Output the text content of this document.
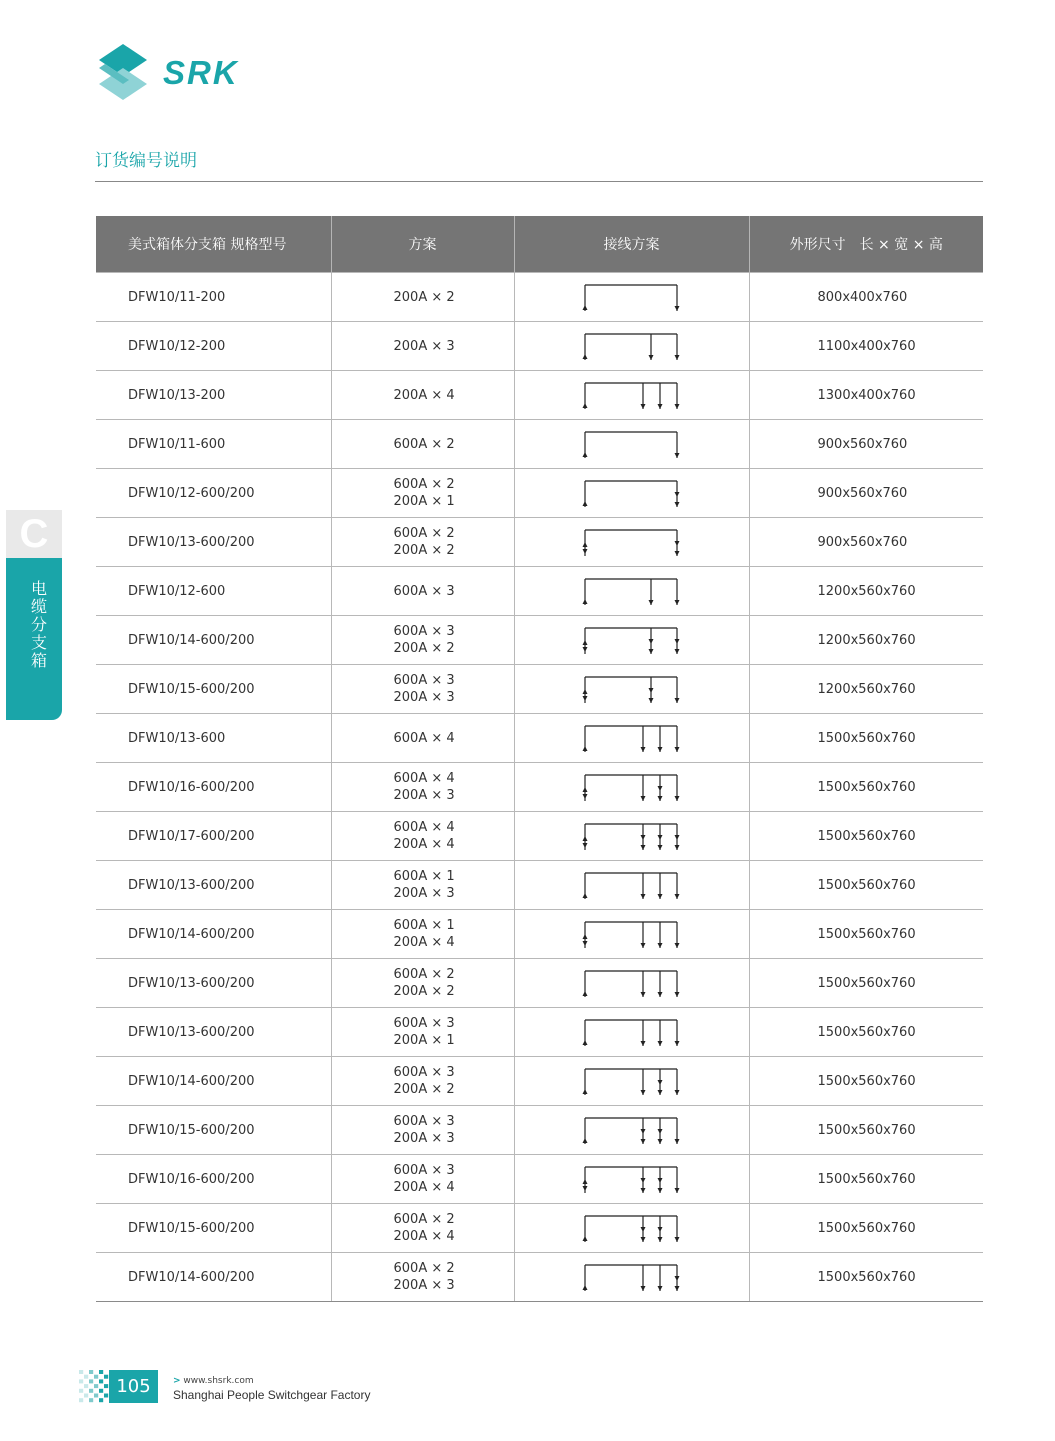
SRK
订货编号说明
C
电缆分支箱
美式箱体分支箱 规格型号	方案	接线方案	外形尺寸　长 × 宽 × 高
DFW10/11-200	200A × 2		800x400x760
DFW10/12-200	200A × 3		1100x400x760
DFW10/13-200	200A × 4		1300x400x760
DFW10/11-600	600A × 2		900x560x760
DFW10/12-600/200	600A × 2
200A × 1		900x560x760
DFW10/13-600/200	600A × 2
200A × 2		900x560x760
DFW10/12-600	600A × 3		1200x560x760
DFW10/14-600/200	600A × 3
200A × 2		1200x560x760
DFW10/15-600/200	600A × 3
200A × 3		1200x560x760
DFW10/13-600	600A × 4		1500x560x760
DFW10/16-600/200	600A × 4
200A × 3		1500x560x760
DFW10/17-600/200	600A × 4
200A × 4		1500x560x760
DFW10/13-600/200	600A × 1
200A × 3		1500x560x760
DFW10/14-600/200	600A × 1
200A × 4		1500x560x760
DFW10/13-600/200	600A × 2
200A × 2		1500x560x760
DFW10/13-600/200	600A × 3
200A × 1		1500x560x760
DFW10/14-600/200	600A × 3
200A × 2		1500x560x760
DFW10/15-600/200	600A × 3
200A × 3		1500x560x760
DFW10/16-600/200	600A × 3
200A × 4		1500x560x760
DFW10/15-600/200	600A × 2
200A × 4		1500x560x760
DFW10/14-600/200	600A × 2
200A × 3		1500x560x760
105	> www.shsrk.com
Shanghai People Switchgear Factory
